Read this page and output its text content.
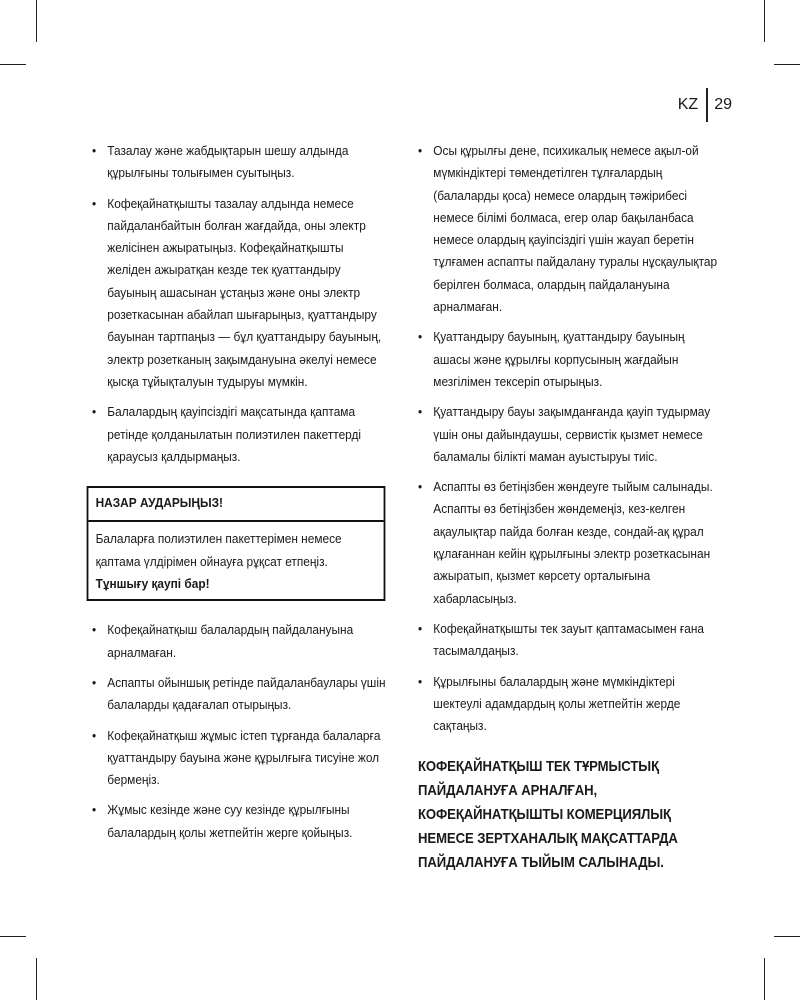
KZ 29
• Тазалау және жабдықтарын шешу алдында құрылғыны толығымен суытыңыз.
• Кофеқайнатқышты тазалау алдында немесе пайдаланбайтын болған жағдайда, оны электр желісінен ажыратыңыз. Кофеқайнатқышты желіден ажыратқан кезде тек қуаттандыру бауының ашасынан ұстаңыз және оны электр розеткасынан абайлап шығарыңыз, қуаттандыру бауынан тартпаңыз — бұл қуаттандыру бауының, электр розетканың зақымдануына әкелуі немесе қысқа тұйықталуын тудыруы мүмкін.
• Балалардың қауіпсіздігі мақсатында қаптама ретінде қолданылатын полиэтилен пакеттерді қараусыз қалдырмаңыз.
НАЗАР АУДАРЫҢЫЗ!
Балаларға полиэтилен пакеттерімен немесе қаптама үлдірімен ойнауға рұқсат етпеңіз. Тұншығу қаупі бар!
• Кофеқайнатқыш балалардың пайдалануына арналмаған.
• Аспапты ойыншық ретінде пайдаланбаулары үшін балаларды қадағалап отырыңыз.
• Кофеқайнатқыш жұмыс істеп тұрғанда балаларға қуаттандыру бауына және құрылғыға тисуіне жол бермеңіз.
• Жұмыс кезінде және суу кезінде құрылғыны балалардың қолы жетпейтін жерге қойыңыз.
• Осы құрылғы дене, психикалық немесе ақыл-ой мүмкіндіктері төмендетілген тұлғалардың (балаларды қоса) немесе олардың тәжірибесі немесе білімі болмаса, егер олар бақыланбаса немесе олардың қауіпсіздігі үшін жауап беретін тұлғамен аспапты пайдалану туралы нұсқаулықтар берілген болмаса, олардың пайдалануына арналмаған.
• Қуаттандыру бауының, қуаттандыру бауының ашасы және құрылғы корпусының жағдайын мезгілімен тексеріп отырыңыз.
• Қуаттандыру бауы зақымданғанда қауіп тудырмау үшін оны дайындаушы, сервистік қызмет немесе баламалы білікті маман ауыстыруы тиіс.
• Аспапты өз бетіңізбен жөндеуге тыйым салынады. Аспапты өз бетіңізбен жөндемеңіз, кез-келген ақаулықтар пайда болған кезде, сондай-ақ құрал құлағаннан кейін құрылғыны электр розеткасынан ажыратып, қызмет көрсету орталығына хабарласыңыз.
• Кофеқайнатқышты тек зауыт қаптамасымен ғана тасымалдаңыз.
• Құрылғыны балалардың және мүмкіндіктері шектеулі адамдардың қолы жетпейтін жерде сақтаңыз.
КОФЕҚАЙНАТҚЫШ ТЕК ТҰРМЫСТЫҚ ПАЙДАЛАНУҒА АРНАЛҒАН, КОФЕҚАЙНАТҚЫШТЫ КОМЕРЦИЯЛЫҚ НЕМЕСЕ ЗЕРТХАНАЛЫҚ МАҚСАТТАРДА ПАЙДАЛАНУҒА ТЫЙЫМ САЛЫНАДЫ.
